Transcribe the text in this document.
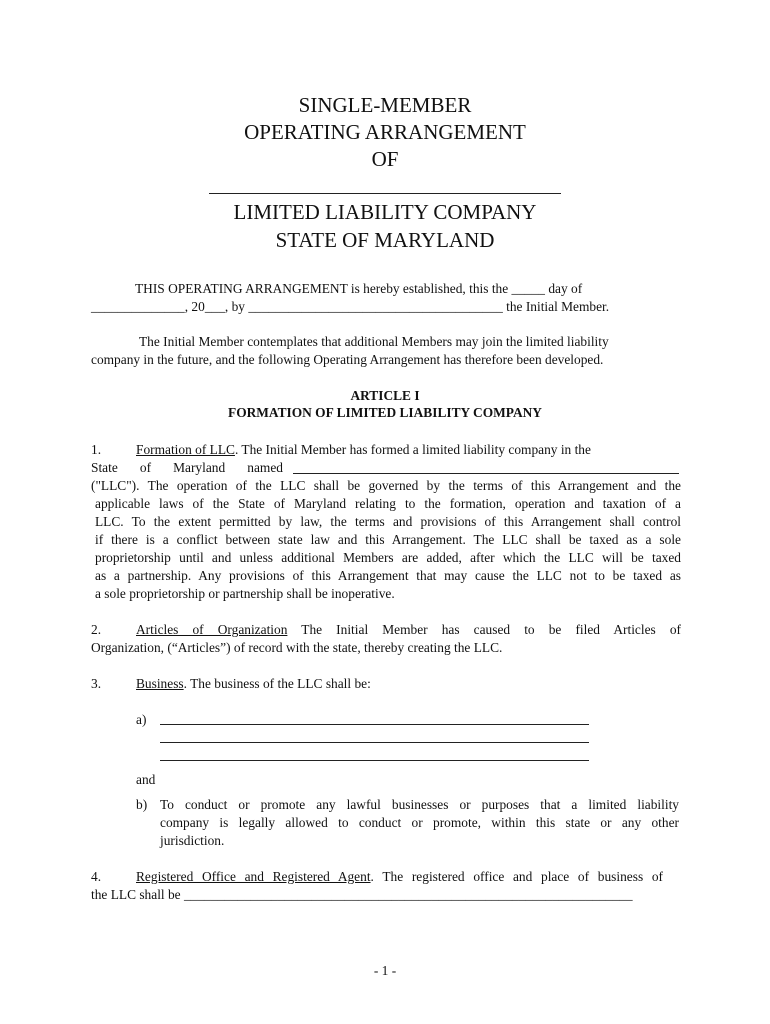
SINGLE-MEMBER
OPERATING ARRANGEMENT
OF
LIMITED LIABILITY COMPANY
STATE OF MARYLAND
THIS OPERATING ARRANGEMENT is hereby established, this the _____ day of
______________, 20___, by ______________________________________ the Initial Member.
The Initial Member contemplates that additional Members may join the limited liability
company in the future, and the following Operating Arrangement has therefore been developed.
ARTICLE I
FORMATION OF LIMITED LIABILITY COMPANY
1.	Formation of LLC. The Initial Member has formed a limited liability company in the
State of Maryland named
("LLC"). The operation of the LLC shall be governed by the terms of this Arrangement and the
applicable laws of the State of Maryland relating to the formation, operation and taxation of a
LLC. To the extent permitted by law, the terms and provisions of this Arrangement shall control
if there is a conflict between state law and this Arrangement. The LLC shall be taxed as a sole
proprietorship until and unless additional Members are added, after which the LLC will be taxed
as a partnership. Any provisions of this Arrangement that may cause the LLC not to be taxed as
a sole proprietorship or partnership shall be inoperative.
2.	Articles of Organization The Initial Member has caused to be filed Articles of
Organization, (“Articles”) of record with the state, thereby creating the LLC.
3.	Business. The business of the LLC shall be:
a)
and
b) To conduct or promote any lawful businesses or purposes that a limited liability
company is legally allowed to conduct or promote, within this state or any other
jurisdiction.
4.	Registered Office and Registered Agent. The registered office and place of business of
the LLC shall be ___________________________________________________________________
- 1 -
